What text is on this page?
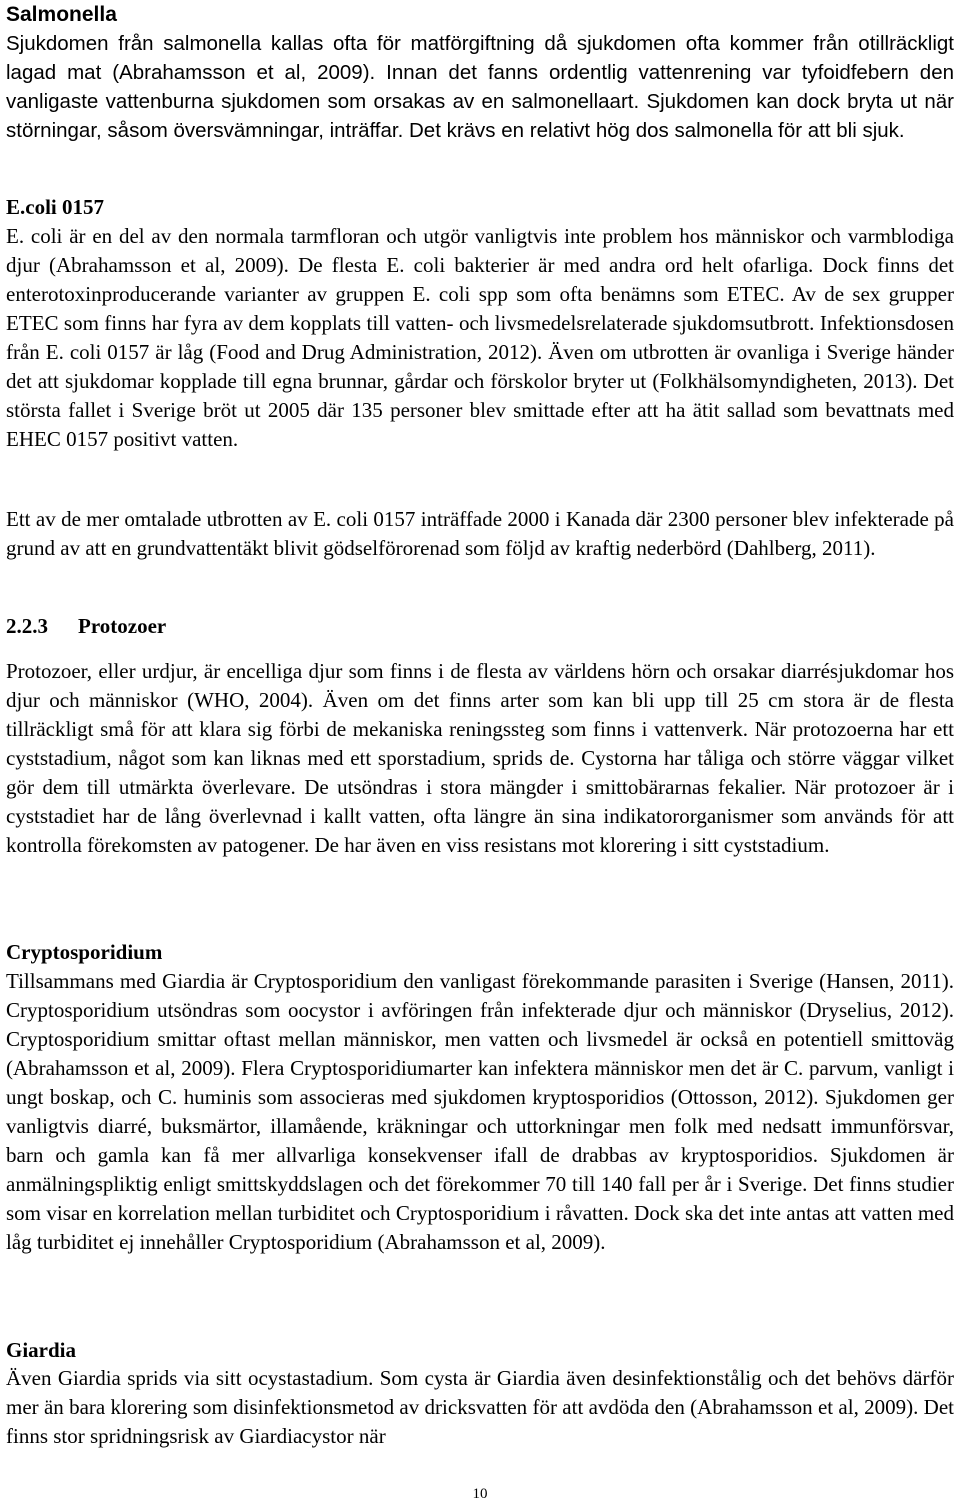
Salmonella

Sjukdomen från salmonella kallas ofta för matförgiftning då sjukdomen ofta kommer från otillräckligt lagad mat (Abrahamsson et al, 2009). Innan det fanns ordentlig vattenrening var tyfoidfebern den vanligaste vattenburna sjukdomen som orsakas av en salmonellaart. Sjukdomen kan dock bryta ut när störningar, såsom översvämningar, inträffar. Det krävs en relativt hög dos salmonella för att bli sjuk.

E.coli 0157

E. coli är en del av den normala tarmfloran och utgör vanligtvis inte problem hos människor och varmblodiga djur (Abrahamsson et al, 2009). De flesta E. coli bakterier är med andra ord helt ofarliga. Dock finns det enterotoxinproducerande varianter av gruppen E. coli spp som ofta benämns som ETEC. Av de sex grupper ETEC som finns har fyra av dem kopplats till vatten- och livsmedelsrelaterade sjukdomsutbrott. Infektionsdosen från E. coli 0157 är låg (Food and Drug Administration, 2012). Även om utbrotten är ovanliga i Sverige händer det att sjukdomar kopplade till egna brunnar, gårdar och förskolor bryter ut (Folkhälsomyndigheten, 2013). Det största fallet i Sverige bröt ut 2005 där 135 personer blev smittade efter att ha ätit sallad som bevattnats med EHEC 0157 positivt vatten.

Ett av de mer omtalade utbrotten av E. coli 0157 inträffade 2000 i Kanada där 2300 personer blev infekterade på grund av att en grundvattentäkt blivit gödselförorenad som följd av kraftig nederbörd (Dahlberg, 2011).

2.2.3 Protozoer

Protozoer, eller urdjur, är encelliga djur som finns i de flesta av världens hörn och orsakar diarrésjukdomar hos djur och människor (WHO, 2004). Även om det finns arter som kan bli upp till 25 cm stora är de flesta tillräckligt små för att klara sig förbi de mekaniska reningssteg som finns i vattenverk. När protozoerna har ett cyststadium, något som kan liknas med ett sporstadium, sprids de. Cystorna har tåliga och större väggar vilket gör dem till utmärkta överlevare. De utsöndras i stora mängder i smittobärarnas fekalier. När protozoer är i cyststadiet har de lång överlevnad i kallt vatten, ofta längre än sina indikatororganismer som används för att kontrolla förekomsten av patogener. De har även en viss resistans mot klorering i sitt cyststadium.

Cryptosporidium

Tillsammans med Giardia är Cryptosporidium den vanligast förekommande parasiten i Sverige (Hansen, 2011). Cryptosporidium utsöndras som oocystor i avföringen från infekterade djur och människor (Dryselius, 2012). Cryptosporidium smittar oftast mellan människor, men vatten och livsmedel är också en potentiell smittoväg (Abrahamsson et al, 2009). Flera Cryptosporidiumarter kan infektera människor men det är C. parvum, vanligt i ungt boskap, och C. huminis som associeras med sjukdomen kryptosporidios (Ottosson, 2012). Sjukdomen ger vanligtvis diarré, buksmärtor, illamående, kräkningar och uttorkningar men folk med nedsatt immunförsvar, barn och gamla kan få mer allvarliga konsekvenser ifall de drabbas av kryptosporidios. Sjukdomen är anmälningspliktig enligt smittskyddslagen och det förekommer 70 till 140 fall per år i Sverige. Det finns studier som visar en korrelation mellan turbiditet och Cryptosporidium i råvatten. Dock ska det inte antas att vatten med låg turbiditet ej innehåller Cryptosporidium (Abrahamsson et al, 2009).

Giardia

Även Giardia sprids via sitt ocystastadium. Som cysta är Giardia även desinfektionstålig och det behövs därför mer än bara klorering som disinfektionsmetod av dricksvatten för att avdöda den (Abrahamsson et al, 2009). Det finns stor spridningsrisk av Giardiacystor när

10
